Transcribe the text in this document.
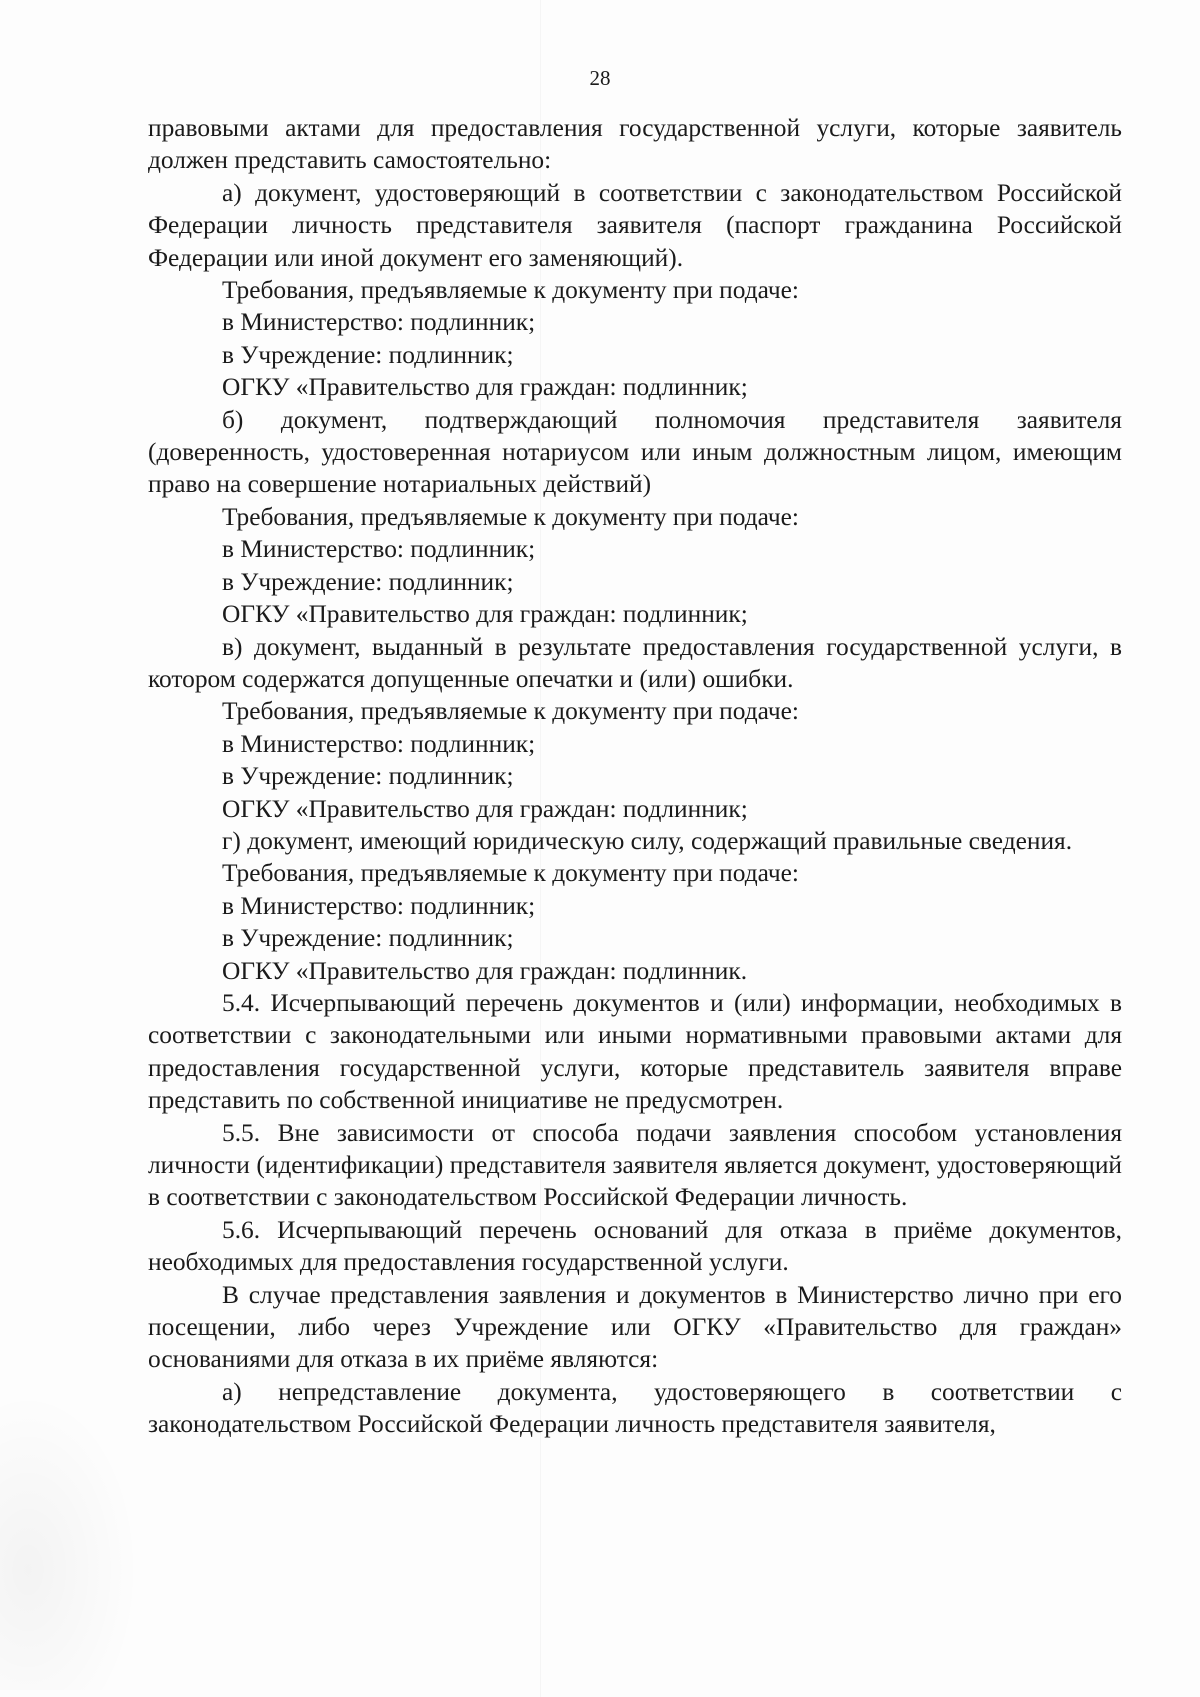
28

правовыми актами для предоставления государственной услуги, которые заявитель должен представить самостоятельно:

а) документ, удостоверяющий в соответствии с законодательством Российской Федерации личность представителя заявителя (паспорт гражданина Российской Федерации или иной документ его заменяющий).

Требования, предъявляемые к документу при подаче:

в Министерство: подлинник;

в Учреждение: подлинник;

ОГКУ «Правительство для граждан: подлинник;

б) документ, подтверждающий полномочия представителя заявителя (доверенность, удостоверенная нотариусом или иным должностным лицом, имеющим право на совершение нотариальных действий)

Требования, предъявляемые к документу при подаче:

в Министерство: подлинник;

в Учреждение: подлинник;

ОГКУ «Правительство для граждан: подлинник;

в) документ, выданный в результате предоставления государственной услуги, в котором содержатся допущенные опечатки и (или) ошибки.

Требования, предъявляемые к документу при подаче:

в Министерство: подлинник;

в Учреждение: подлинник;

ОГКУ «Правительство для граждан: подлинник;

г) документ, имеющий юридическую силу, содержащий правильные сведения.

Требования, предъявляемые к документу при подаче:

в Министерство: подлинник;

в Учреждение: подлинник;

ОГКУ «Правительство для граждан: подлинник.

5.4. Исчерпывающий перечень документов и (или) информации, необходимых в соответствии с законодательными или иными нормативными правовыми актами для предоставления государственной услуги, которые представитель заявителя вправе представить по собственной инициативе не предусмотрен.

5.5. Вне зависимости от способа подачи заявления способом установления личности (идентификации) представителя заявителя является документ, удостоверяющий в соответствии с законодательством Российской Федерации личность.

5.6. Исчерпывающий перечень оснований для отказа в приёме документов, необходимых для предоставления государственной услуги.

В случае представления заявления и документов в Министерство лично при его посещении, либо через Учреждение или ОГКУ «Правительство для граждан» основаниями для отказа в их приёме являются:

а) непредставление документа, удостоверяющего в соответствии с законодательством Российской Федерации личность представителя заявителя,
